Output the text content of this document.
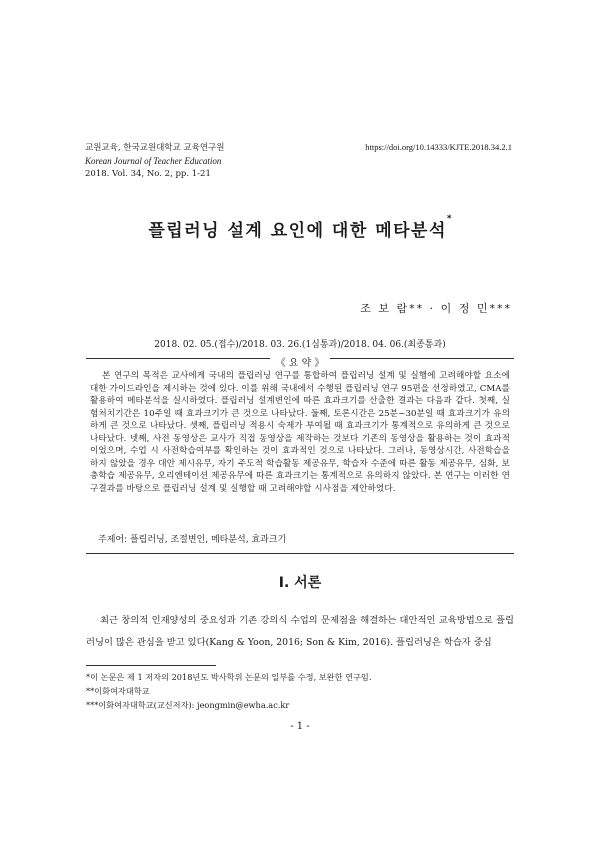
교원교육, 한국교원대학교 교육연구원
Korean Journal of Teacher Education
2018. Vol. 34, No. 2, pp. 1-21
https://doi.org/10.14333/KJTE.2018.34.2.1
플립러닝 설계 요인에 대한 메타분석*
조 보 람** · 이 정 민***
2018. 02. 05.(접수)/2018. 03. 26.(1심통과)/2018. 04. 06.(최종통과)
《 요 약 》
본 연구의 목적은 교사에게 국내의 플립러닝 연구를 통합하여 플립러닝 설계 및 실행에 고려해야할 요소에 대한 가이드라인을 제시하는 것에 있다. 이를 위해 국내에서 수행된 플립러닝 연구 95편을 선정하였고, CMA를 활용하여 메타분석을 실시하였다. 플립러닝 설계변인에 따른 효과크기를 산출한 결과는 다음과 같다. 첫째, 실험처치기간은 10주일 때 효과크기가 큰 것으로 나타났다. 둘째, 토론시간은 25분~30분일 때 효과크기가 유의하게 큰 것으로 나타났다. 셋째, 플립러닝 적용시 숙제가 부여될 때 효과크기가 통계적으로 유의하게 큰 것으로 나타났다. 넷째, 사전 동영상은 교사가 직접 동영상을 제작하는 것보다 기존의 동영상을 활용하는 것이 효과적이었으며, 수업 시 사전학습여부를 확인하는 것이 효과적인 것으로 나타났다. 그러나, 동영상시간, 사전학습을 하지 않았을 경우 대안 제시유무, 자기 주도적 학습활동 제공유무, 학습자 수준에 따른 활동 제공유무, 심화, 보충학습 제공유무, 오리엔테이션 제공유무에 따른 효과크기는 통계적으로 유의하지 않았다. 본 연구는 이러한 연구결과를 바탕으로 플립러닝 설계 및 실행할 때 고려해야할 시사점을 제안하였다.
주제어: 플립러닝, 조절변인, 메타분석, 효과크기
Ⅰ. 서론
최근 창의적 인재양성의 중요성과 기존 강의식 수업의 문제점을 해결하는 대안적인 교육방법으로 플립러닝이 많은 관심을 받고 있다(Kang & Yoon, 2016; Son & Kim, 2016). 플립러닝은 학습자 중심
*이 논문은 제 1 저자의 2018년도 박사학위 논문의 일부를 수정, 보완한 연구임.
**이화여자대학교
***이화여자대학교(교신저자): jeongmin@ewha.ac.kr
- 1 -
